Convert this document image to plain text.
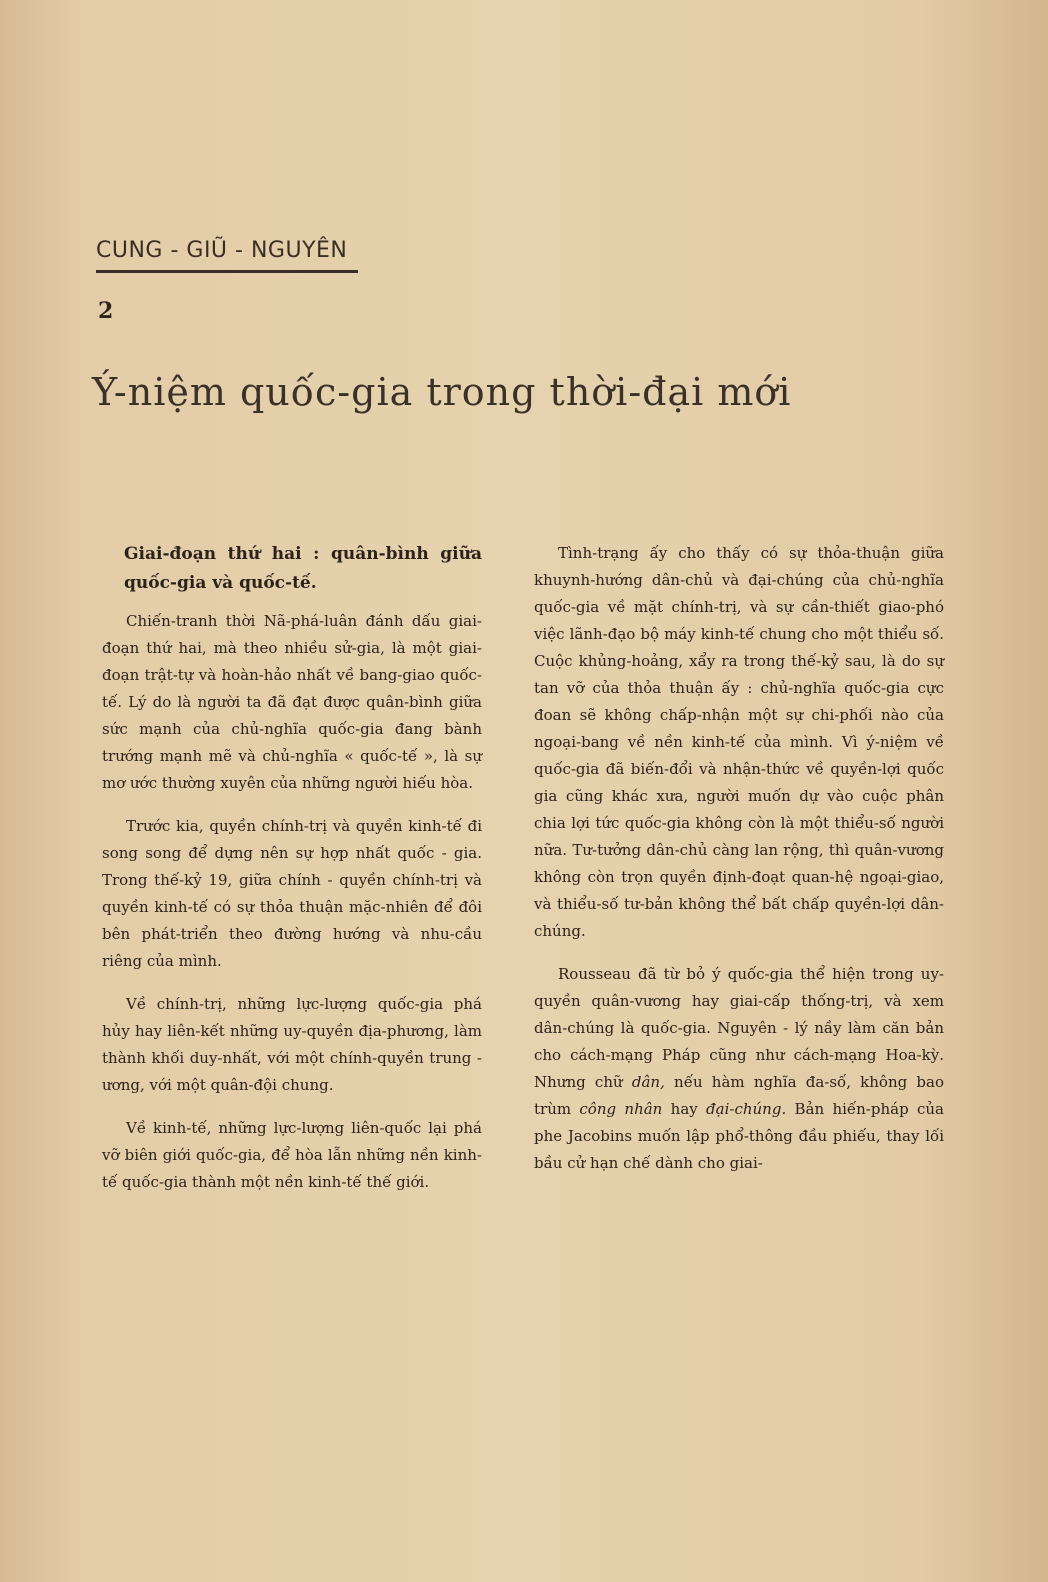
CUNG - GIŨ - NGUYÊN
2
Ý-niệm quốc-gia trong thời-đại mới
Giai-đoạn thứ hai : quân-bình giữa quốc-gia và quốc-tế.

Chiến-tranh thời Nã-phá-luân đánh dấu giai-đoạn thứ hai, mà theo nhiều sử-gia, là một giai-đoạn trật-tự và hoàn-hảo nhất về bang-giao quốc-tế. Lý do là người ta đã đạt được quân-bình giữa sức mạnh của chủ-nghĩa quốc-gia đang bành trướng mạnh mẽ và chủ-nghĩa « quốc-tế », là sự mơ ước thường xuyên của những người hiếu hòa.

Trước kia, quyền chính-trị và quyền kinh-tế đi song song để dựng nên sự hợp nhất quốc - gia. Trong thế-kỷ 19, giữa chính - quyền chính-trị và quyền kinh-tế có sự thỏa thuận mặc-nhiên để đôi bên phát-triển theo đường hướng và nhu-cầu riêng của mình.

Về chính-trị, những lực-lượng quốc-gia phá hủy hay liên-kết những uy-quyền địa-phương, làm thành khối duy-nhất, với một chính-quyền trung - ương, với một quân-đội chung.

Về kinh-tế, những lực-lượng liên-quốc lại phá vỡ biên giới quốc-gia, để hòa lẫn những nền kinh-tế quốc-gia thành một nền kinh-tế thế giới.

Tình-trạng ấy cho thấy có sự thỏa-thuận giữa khuynh-hướng dân-chủ và đại-chúng của chủ-nghĩa quốc-gia về mặt chính-trị, và sự cần-thiết giao-phó việc lãnh-đạo bộ máy kinh-tế chung cho một thiểu số. Cuộc khủng-hoảng, xẩy ra trong thế-kỷ sau, là do sự tan vỡ của thỏa thuận ấy : chủ-nghĩa quốc-gia cực đoan sẽ không chấp-nhận một sự chi-phối nào của ngoại-bang về nền kinh-tế của mình. Vì ý-niệm về quốc-gia đã biến-đổi và nhận-thức về quyền-lợi quốc gia cũng khác xưa, người muốn dự vào cuộc phân chia lợi tức quốc-gia không còn là một thiểu-số người nữa. Tư-tưởng dân-chủ càng lan rộng, thì quân-vương không còn trọn quyền định-đoạt quan-hệ ngoại-giao, và thiểu-số tư-bản không thể bất chấp quyền-lợi dân-chúng.

Rousseau đã từ bỏ ý quốc-gia thể hiện trong uy-quyền quân-vương hay giai-cấp thống-trị, và xem dân-chúng là quốc-gia. Nguyên - lý nầy làm căn bản cho cách-mạng Pháp cũng như cách-mạng Hoa-kỳ. Nhưng chữ dân, nếu hàm nghĩa đa-số, không bao trùm công nhân hay đại-chúng. Bản hiến-pháp của phe Jacobins muốn lập phổ-thông đầu phiếu, thay lối bầu cử hạn chế dành cho giai-
